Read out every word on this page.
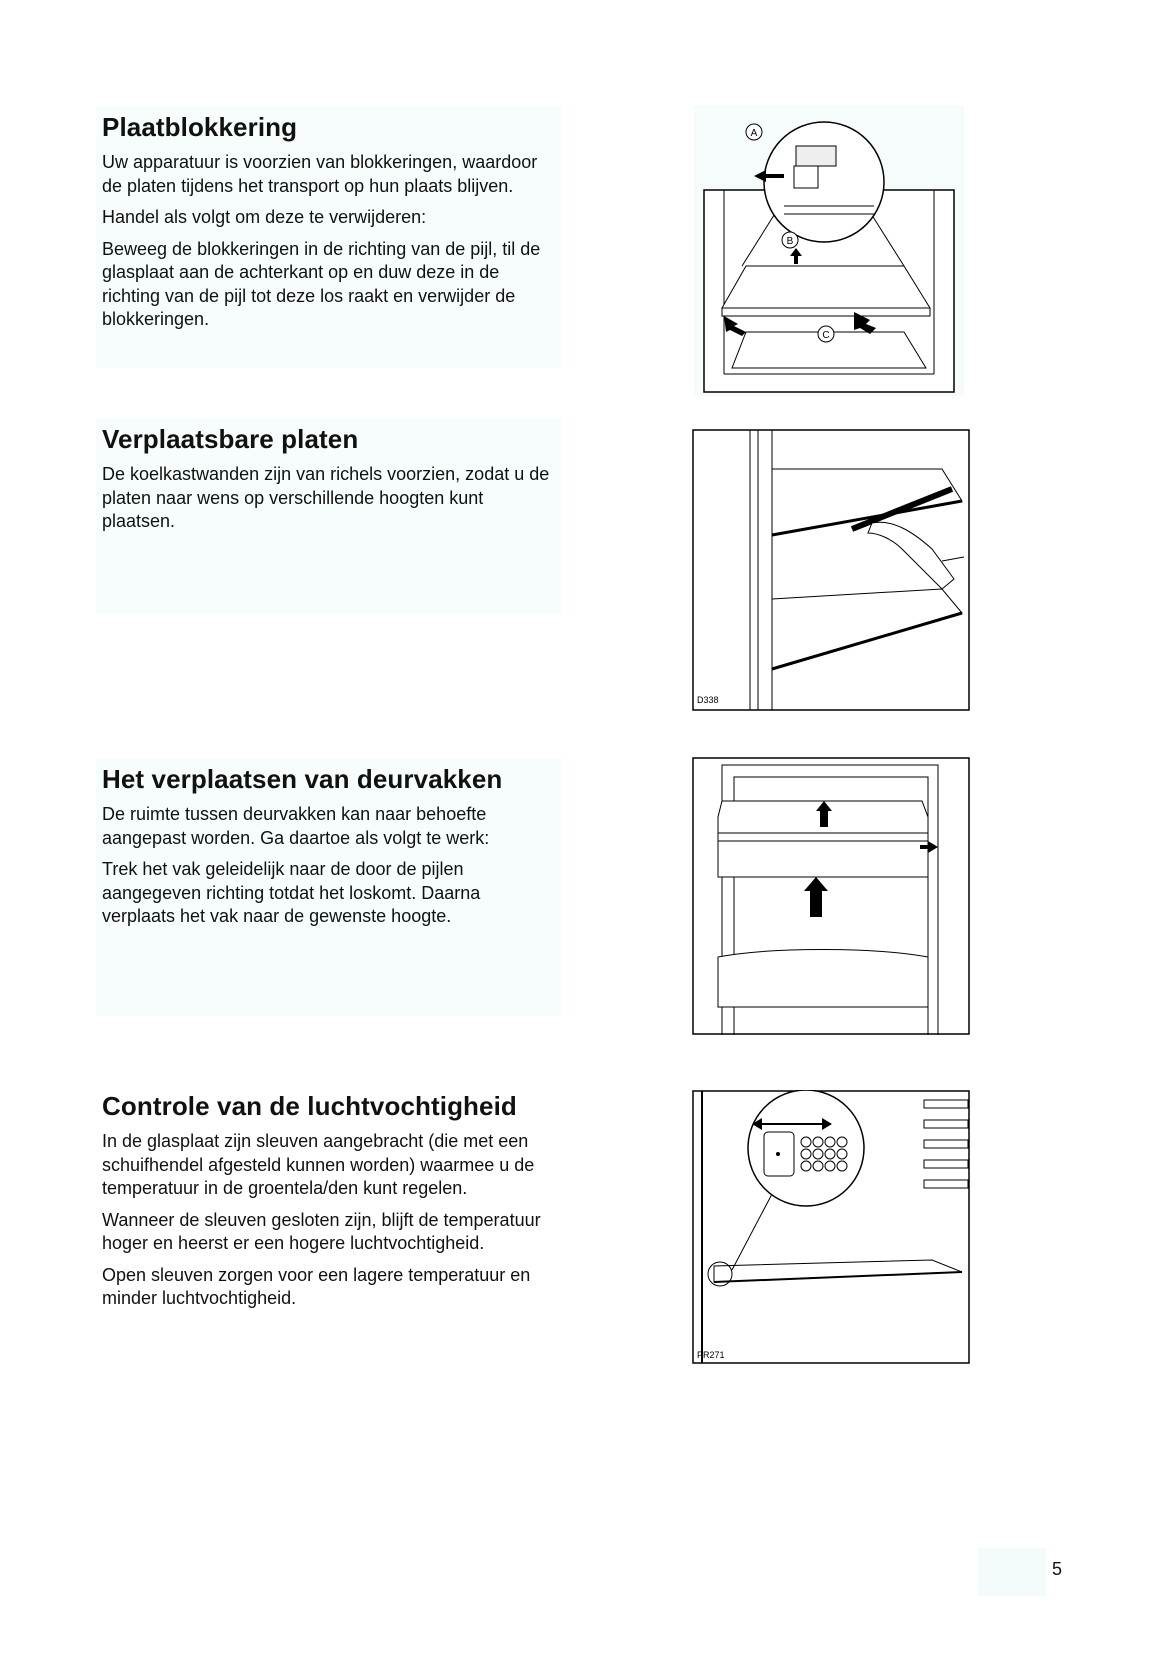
Plaatblokkering

Uw apparatuur is voorzien van blokkeringen, waardoor de platen tijdens het transport op hun plaats blijven.

Handel als volgt om deze te verwijderen:

Beweeg de blokkeringen in de richting van de pijl, til de glasplaat aan de achterkant op en duw deze in de richting van de pijl tot deze los raakt en verwijder de blokkeringen.

Verplaatsbare platen

De koelkastwanden zijn van richels voorzien, zodat u de platen naar wens op verschillende hoogten kunt plaatsen.

Het verplaatsen van deurvakken

De ruimte tussen deurvakken kan naar behoefte aangepast worden. Ga daartoe als volgt te werk:

Trek het vak geleidelijk naar de door de pijlen aangegeven richting totdat het loskomt. Daarna verplaats het vak naar de gewenste hoogte.

Controle van de luchtvochtigheid

In de glasplaat zijn sleuven aangebracht (die met een schuifhendel afgesteld kunnen worden) waarmee u de temperatuur in de groentela/den kunt regelen.

Wanneer de sleuven gesloten zijn, blijft de temperatuur hoger en heerst er een hogere luchtvochtigheid.

Open sleuven zorgen voor een lagere temperatuur en minder luchtvochtigheid.

A
B
C
D338
PR271
5
